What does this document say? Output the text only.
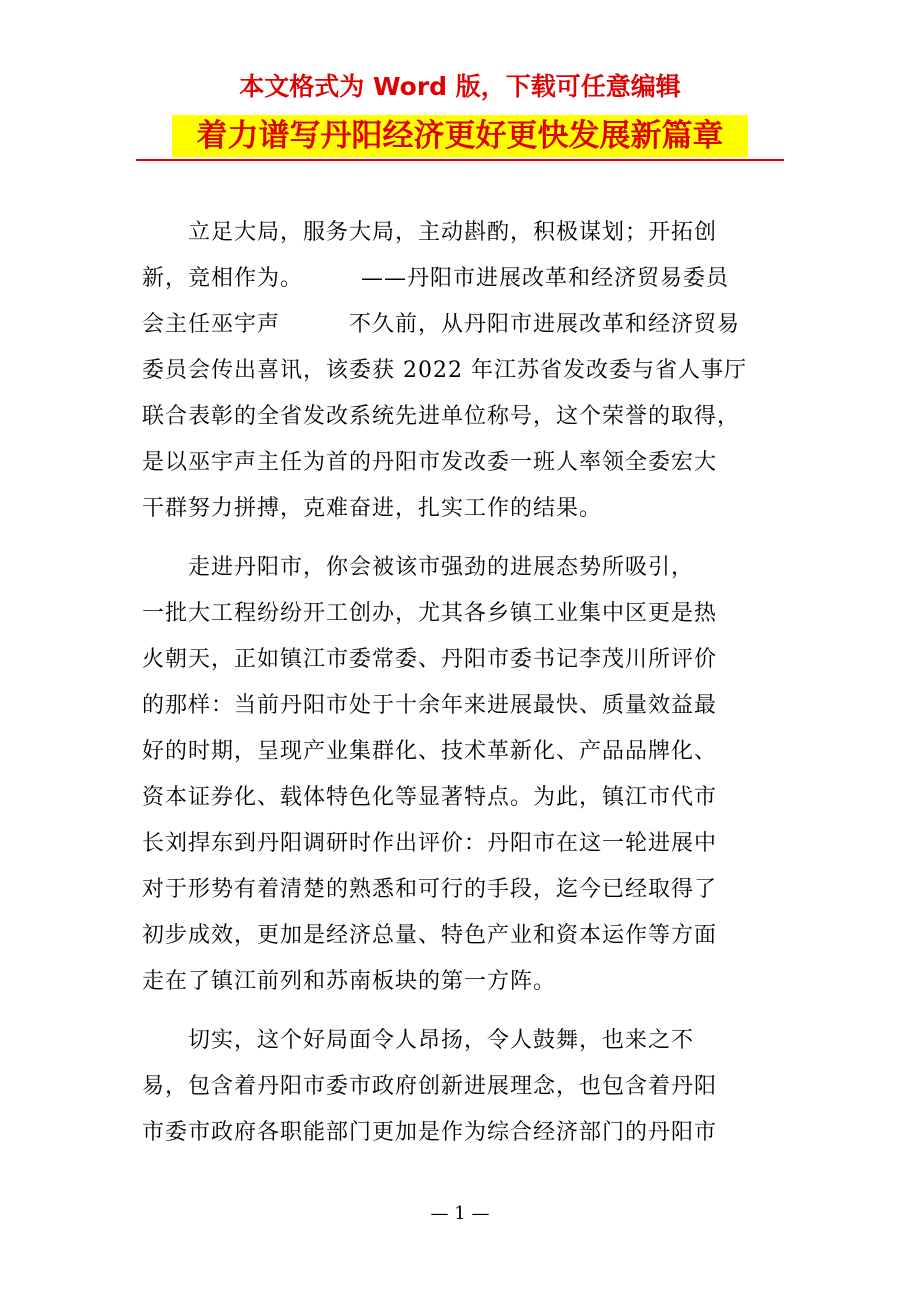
本文格式为 Word 版，下载可任意编辑
着力谱写丹阳经济更好更快发展新篇章
　　立足大局，服务大局，主动斟酌，积极谋划；开拓创
新，竞相作为。　　　——丹阳市进展改革和经济贸易委员
会主任巫宇声　　　不久前，从丹阳市进展改革和经济贸易
委员会传出喜讯，该委获 2022 年江苏省发改委与省人事厅
联合表彰的全省发改系统先进单位称号，这个荣誉的取得，
是以巫宇声主任为首的丹阳市发改委一班人率领全委宏大
干群努力拼搏，克难奋进，扎实工作的结果。
　　走进丹阳市，你会被该市强劲的进展态势所吸引，
一批大工程纷纷开工创办，尤其各乡镇工业集中区更是热
火朝天，正如镇江市委常委、丹阳市委书记李茂川所评价
的那样：当前丹阳市处于十余年来进展最快、质量效益最
好的时期，呈现产业集群化、技术革新化、产品品牌化、
资本证券化、载体特色化等显著特点。为此，镇江市代市
长刘捍东到丹阳调研时作出评价：丹阳市在这一轮进展中
对于形势有着清楚的熟悉和可行的手段，迄今已经取得了
初步成效，更加是经济总量、特色产业和资本运作等方面
走在了镇江前列和苏南板块的第一方阵。
　　切实，这个好局面令人昂扬，令人鼓舞，也来之不
易，包含着丹阳市委市政府创新进展理念，也包含着丹阳
市委市政府各职能部门更加是作为综合经济部门的丹阳市
— 1 —
